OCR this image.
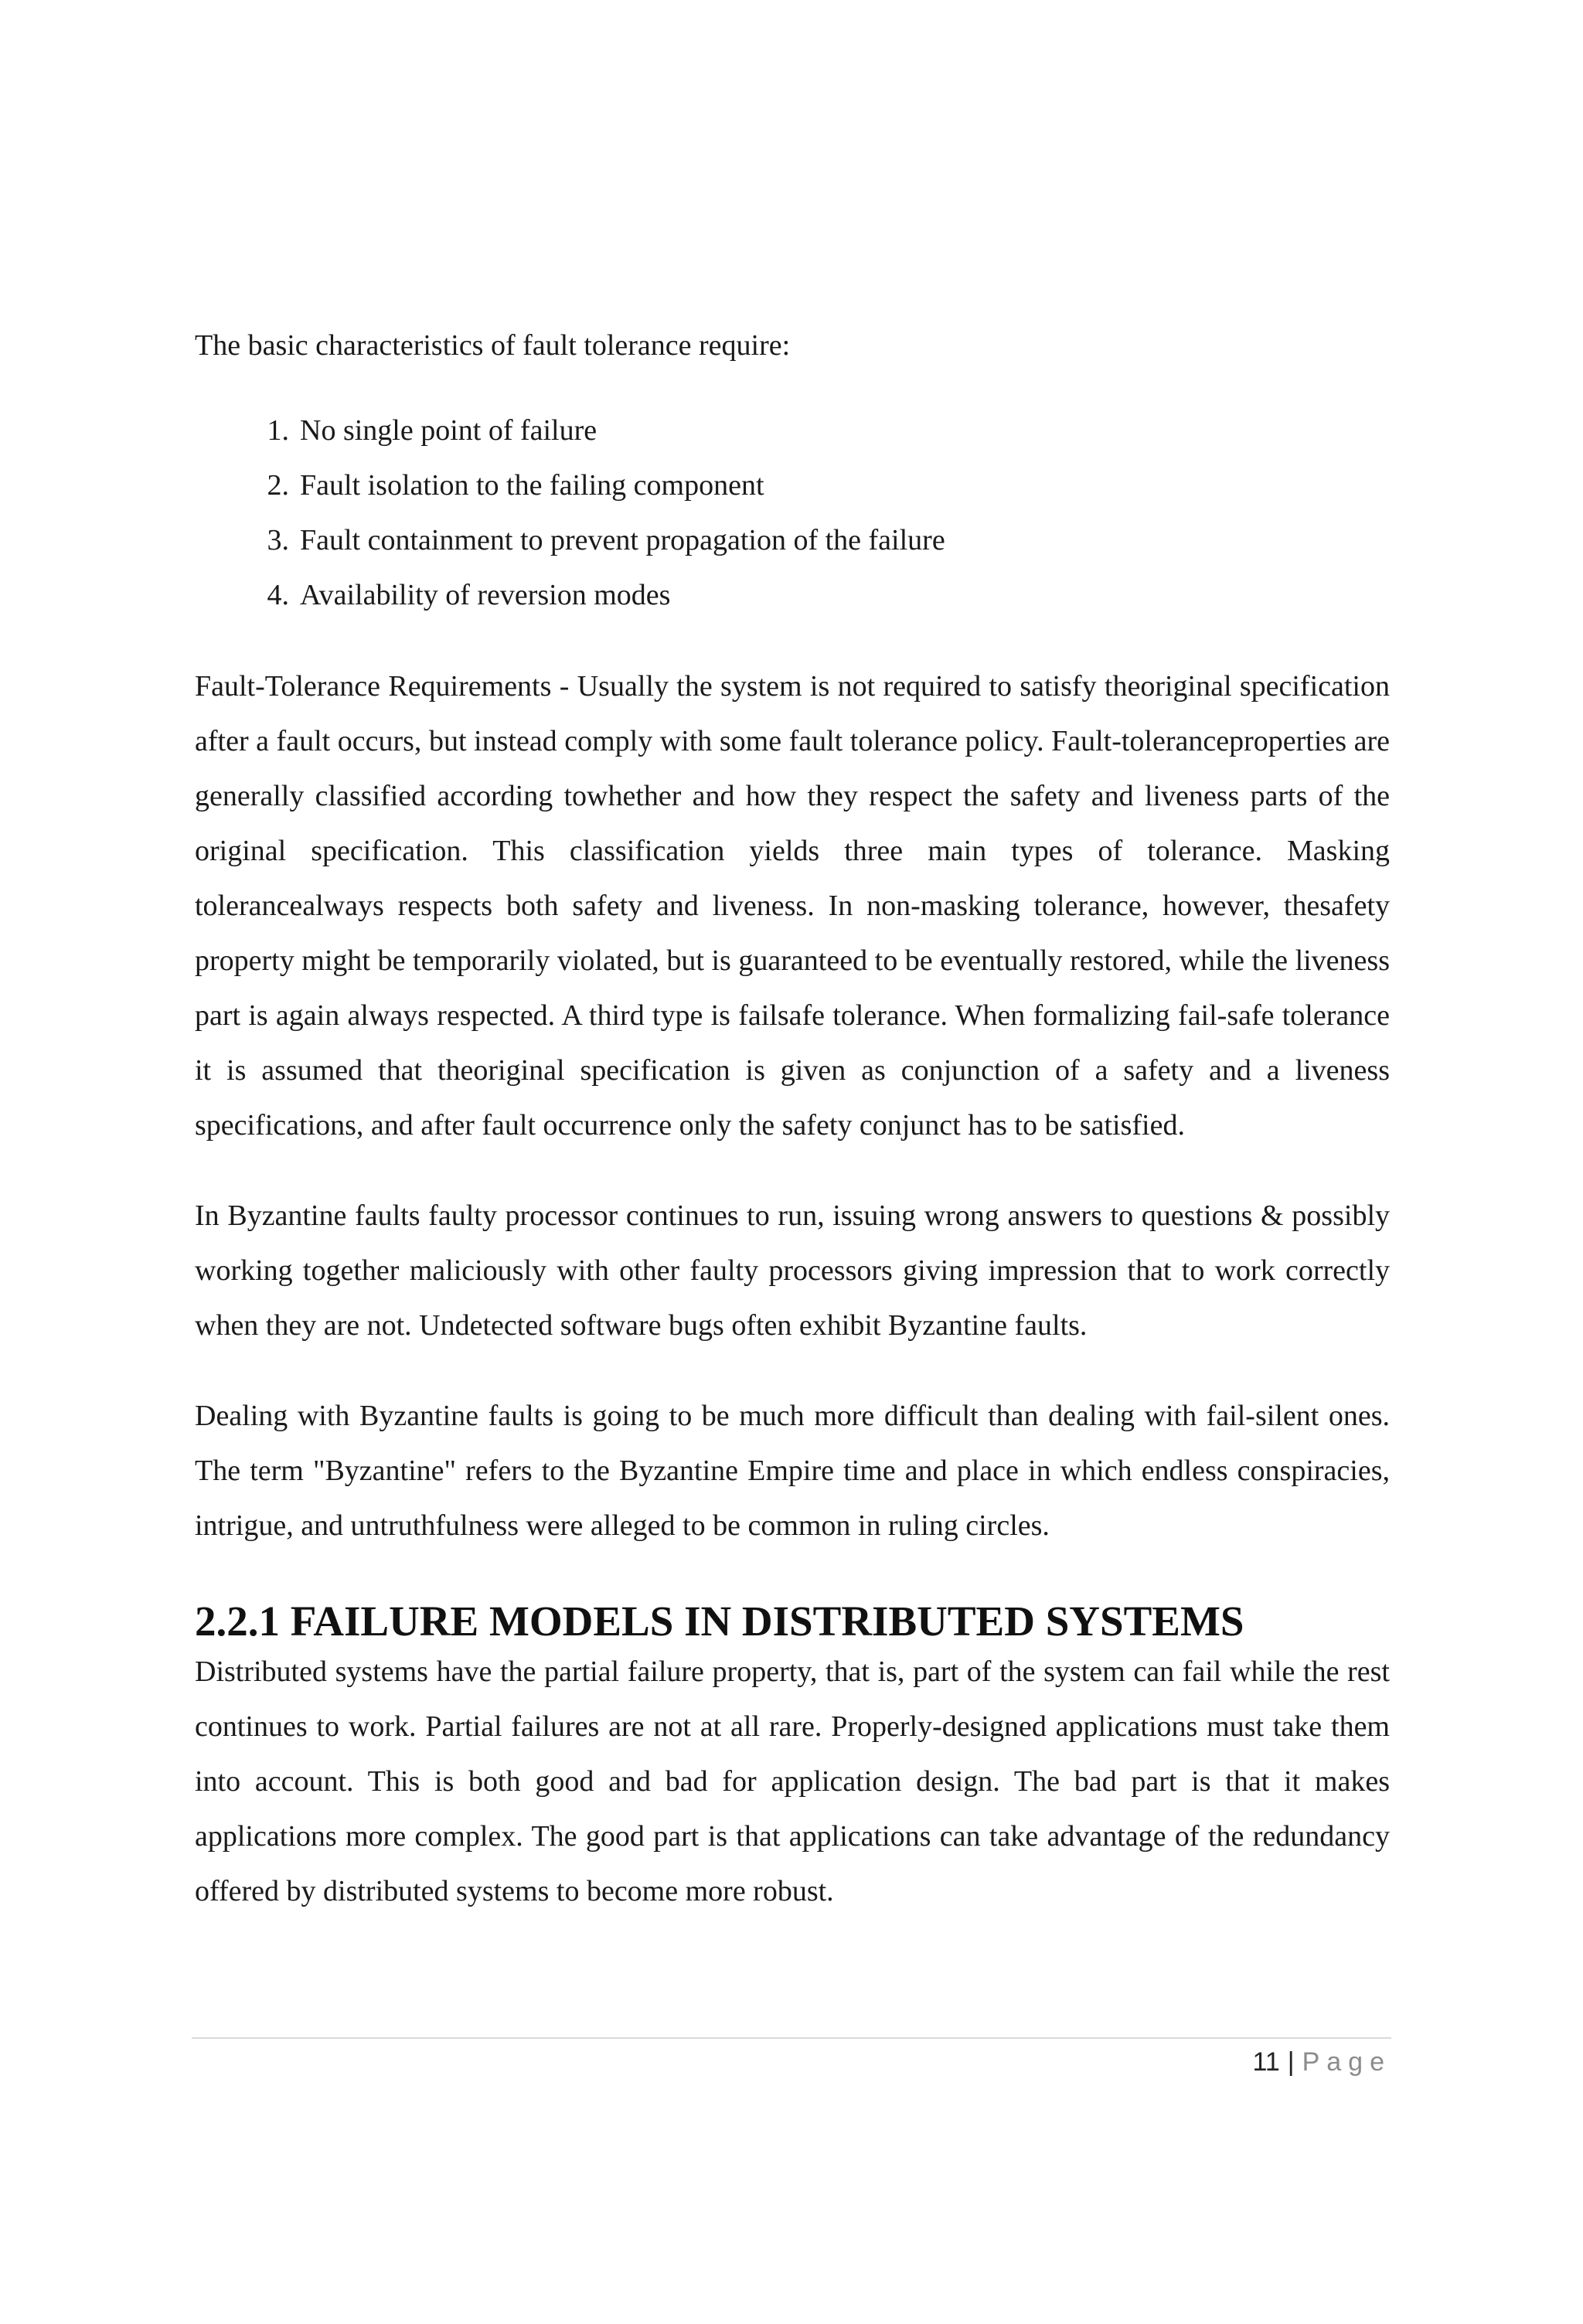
The basic characteristics of fault tolerance require:

1. No single point of failure
2. Fault isolation to the failing component
3. Fault containment to prevent propagation of the failure
4. Availability of reversion modes

Fault-Tolerance Requirements - Usually the system is not required to satisfy theoriginal specification after a fault occurs, but instead comply with some fault tolerance policy. Fault-toleranceproperties are generally classified according towhether and how they respect the safety and liveness parts of the original specification. This classification yields three main types of tolerance. Masking tolerancealways respects both safety and liveness. In non-masking tolerance, however, thesafety property might be temporarily violated, but is guaranteed to be eventually restored, while the liveness part is again always respected. A third type is failsafe tolerance. When formalizing fail-safe tolerance it is assumed that theoriginal specification is given as conjunction of a safety and a liveness specifications, and after fault occurrence only the safety conjunct has to be satisfied.

In Byzantine faults faulty processor continues to run, issuing wrong answers to questions & possibly working together maliciously with other faulty processors giving impression that to work correctly when they are not. Undetected software bugs often exhibit Byzantine faults.

Dealing with Byzantine faults is going to be much more difficult than dealing with fail-silent ones. The term "Byzantine" refers to the Byzantine Empire time and place in which endless conspiracies, intrigue, and untruthfulness were alleged to be common in ruling circles.

2.2.1 FAILURE MODELS IN DISTRIBUTED SYSTEMS

Distributed systems have the partial failure property, that is, part of the system can fail while the rest continues to work. Partial failures are not at all rare. Properly-designed applications must take them into account. This is both good and bad for application design. The bad part is that it makes applications more complex. The good part is that applications can take advantage of the redundancy offered by distributed systems to become more robust.

11 | Page
